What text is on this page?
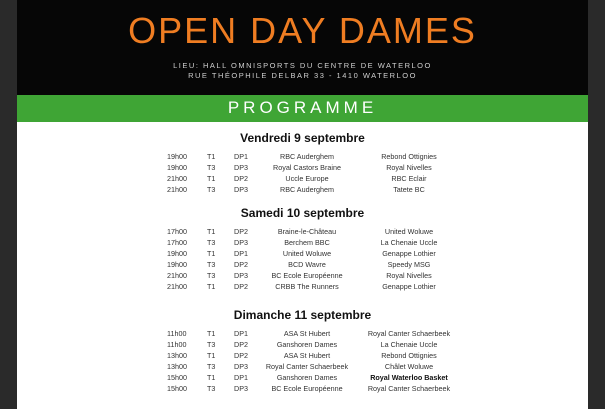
OPEN DAY DAMES
LIEU: HALL OMNISPORTS DU CENTRE DE WATERLOO
RUE THÉOPHILE DELBAR 33 - 1410 WATERLOO
PROGRAMME
Vendredi 9 septembre
19h00	T1	DP1	RBC Auderghem	Rebond Ottignies
19h00	T3	DP3	Royal Castors Braine	Royal Nivelles
21h00	T1	DP2	Uccle Europe	RBC Eclair
21h00	T3	DP3	RBC Auderghem	Tatete BC
Samedi 10 septembre
17h00	T1	DP2	Braine-le-Château	United Woluwe
17h00	T3	DP3	Berchem BBC	La Chenaie Uccle
19h00	T1	DP1	United Woluwe	Genappe Lothier
19h00	T3	DP2	BCD Wavre	Speedy MSG
21h00	T3	DP3	BC Ecole Européenne	Royal Nivelles
21h00	T1	DP2	CRBB The Runners	Genappe Lothier
Dimanche 11 septembre
11h00	T1	DP1	ASA St Hubert	Royal Canter Schaerbeek
11h00	T3	DP2	Ganshoren Dames	La Chenaie Uccle
13h00	T1	DP2	ASA St Hubert	Rebond Ottignies
13h00	T3	DP3	Royal Canter Schaerbeek	Châlet Woluwe
15h00	T1	DP1	Ganshoren Dames	Royal Waterloo Basket
15h00	T3	DP3	BC Ecole Européenne	Royal Canter Schaerbeek
